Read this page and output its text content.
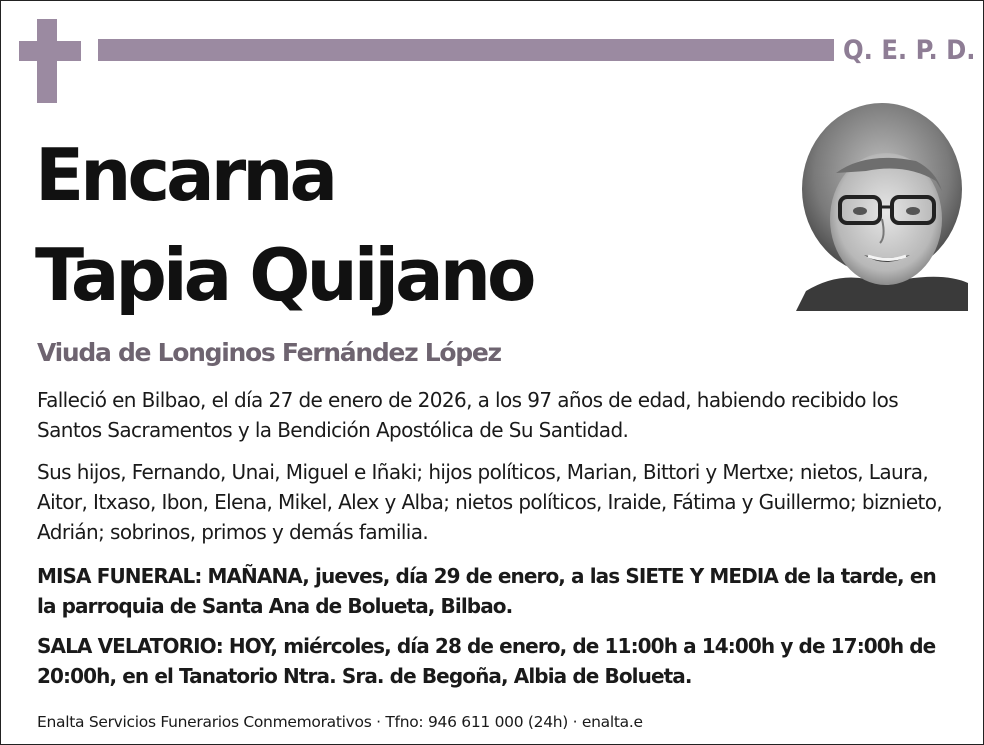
Q. E. P. D.
Encarna
Tapia Quijano
Viuda de Longinos Fernández López
Falleció en Bilbao, el día 27 de enero de 2026, a los 97 años de edad, habiendo recibido los Santos Sacramentos y la Bendición Apostólica de Su Santidad.
Sus hijos, Fernando, Unai, Miguel e Iñaki; hijos políticos, Marian, Bittori y Mertxe; nietos, Laura, Aitor, Itxaso, Ibon, Elena, Mikel, Alex y Alba; nietos políticos, Iraide, Fátima y Guillermo; biznieto, Adrián; sobrinos, primos y demás familia.
MISA FUNERAL: MAÑANA, jueves, día 29 de enero, a las SIETE Y MEDIA de la tarde, en la parroquia de Santa Ana de Bolueta, Bilbao.
SALA VELATORIO: HOY, miércoles, día 28 de enero, de 11:00h a 14:00h y de 17:00h de 20:00h, en el Tanatorio Ntra. Sra. de Begoña, Albia de Bolueta.
Enalta Servicios Funerarios Conmemorativos · Tfno: 946 611 000 (24h) · enalta.e
